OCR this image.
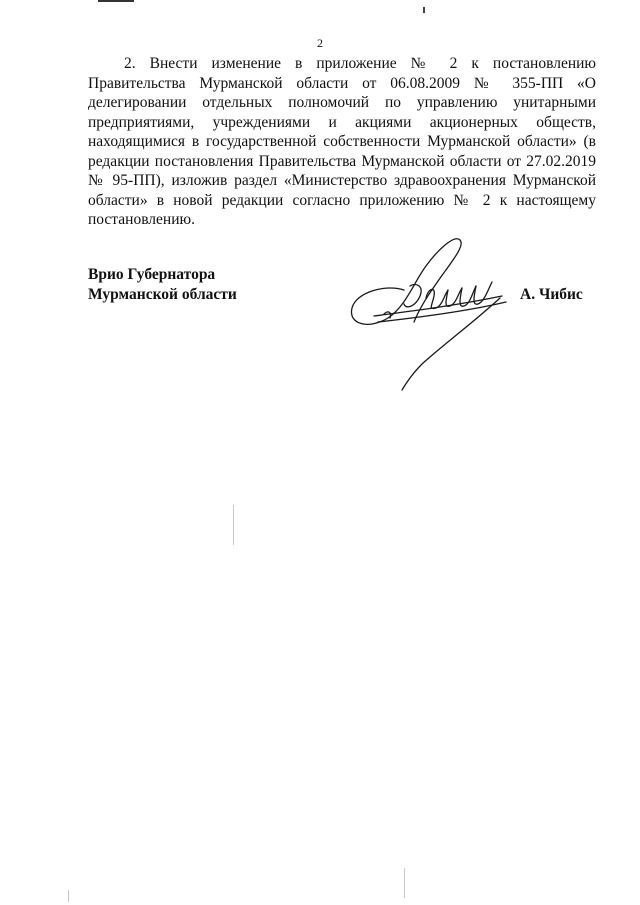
2

2. Внести изменение в приложение № 2 к постановлению Правительства Мурманской области от 06.08.2009 № 355-ПП «О делегировании отдельных полномочий по управлению унитарными предприятиями, учреждениями и акциями акционерных обществ, находящимися в государственной собственности Мурманской области» (в редакции постановления Правительства Мурманской области от 27.02.2019 № 95-ПП), изложив раздел «Министерство здравоохранения Мурманской области» в новой редакции согласно приложению № 2 к настоящему постановлению.

Врио Губернатора
Мурманской области	А. Чибис
